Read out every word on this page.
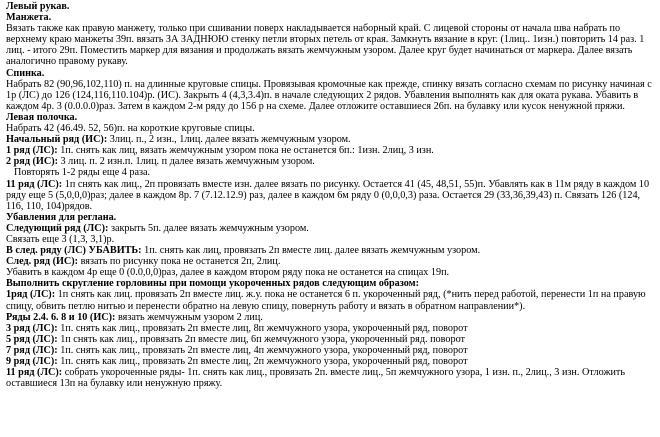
Левый рукав.

Манжета.

Вязать также как правую манжету, только при сшивании поверх накладывается наборный край. С лицевой стороны от начала шва набрать по верхнему краю манжеты 39п. вязать ЗА ЗАДНЮЮ стенку петли вторых петель от края. Замкнуть вязание в круг. (1лиц.. 1изн.) повторить 14 раз. 1 лиц. - итого 29п. Поместить маркер для вязания и продолжать вязать жемчужным узором. Далее круг будет начинаться от маркера. Далее вязать аналогично правому рукаву.

Спинка.

Набрать 82 (90,96,102,110) п. на длинные круговые спицы. Провязывая кромочные как прежде, спинку вязать согласно схемам по рисунку начиная с 1р (ЛС) до 126 (124,116,110.104)р. (ИС). Закрыть 4 (4,3,3.4)п. в начале следующих 2 рядов. Убавления выполнять как для оката рукава. Убавить в каждом 4р. 3 (0.0.0.0)раз. Затем в каждом 2-м ряду до 156 р на схеме. Далее отложите оставшиеся 26п. на булавку или кусок ненужной пряжи.

Левая полочка.

Набрать 42 (46.49. 52, 56)п. на короткие круговые спицы.

Начальный ряд (ИС): 3лиц. п., 2 изн., 1лиц. далее вязать жемчужным узором.

1 ряд (ЛС): 1п. снять как лиц, вязать жемчужным узором пока не останется 6п.: 1изн. 2лиц, 3 изн.

2 ряд (ИС): 3 лиц. п. 2 изн.п. 1лиц. п далее вязать жемчужным узором.

Повторять 1-2 ряды еще 4 раза.

11 ряд (ЛС): 1п снять как лиц., 2п провязать вместе изн. далее вязать по рисунку. Остается 41 (45, 48,51, 55)п. Убавлять как в 11м ряду в каждом 10 ряду еще 5 (5,0,0,0)раз; далее в каждом 8р. 7 (7.12.12.9) раз, далее в каждом 6м ряду 0 (0,0,0,3) раза. Остается 29 (33,36,39,43) п. Связать 126 (124, 116, 110, 104)рядов.

Убавления для реглана.

Следующий ряд (ЛС): закрыть 5п. далее вязать жемчужным узором.

Связать еще 3 (1,3, 3,1)р.

В след. ряду (ЛС) УБАВИТЬ: 1п. снять как лиц, провязать 2п вместе лиц. далее вязать жемчужным узором.

След. ряд (ИС): вязать по рисунку пока не останется 2п, 2лиц.

Убавить в каждом 4р еще 0 (0.0,0,0)раз, далее в каждом втором ряду пока не останется на спицах 19п.

Выполнить скругление горловины при помощи укороченных рядов следующим образом:

1ряд (ЛС): 1п снять как лиц. провязать 2п вместе лиц. ж.у. пока не останется 6 п. укороченный ряд, (*нить перед работой, перенести 1п на правую спицу, обвить петлю нитью и перенести обратно на левую спицу, повернуть работу и вязать в обратном направлении*).

Ряды 2.4. 6. 8 и 10 (ИС): вязать жемчужным узором 2 лиц.

3 ряд (ЛС): 1п. снять как лиц., провязать 2п вместе лиц, 8п жемчужного узора, укороченный ряд, поворот

5 ряд (ЛС): 1п снять как лиц., провязать 2п вместе лиц, 6п жемчужного узора, укороченный ряд. поворот

7 ряд (ЛС): 1п. снять как лиц., провязать 2п вместе лиц, 4п жемчужного узора, укороченный ряд, поворот

9 ряд (ЛС): 1п. снять как лиц., провязать 2п вместе лиц, 2п жемчужного узора, укороченный ряд, поворот

11 ряд (ЛС): собрать укороченные ряды- 1п. снять как лиц., провязать 2п. вместе лиц., 5п жемчужного узора, 1 изн. п., 2лиц., 3 изн. Отложить оставшиеся 13п на булавку или ненужную пряжу.
